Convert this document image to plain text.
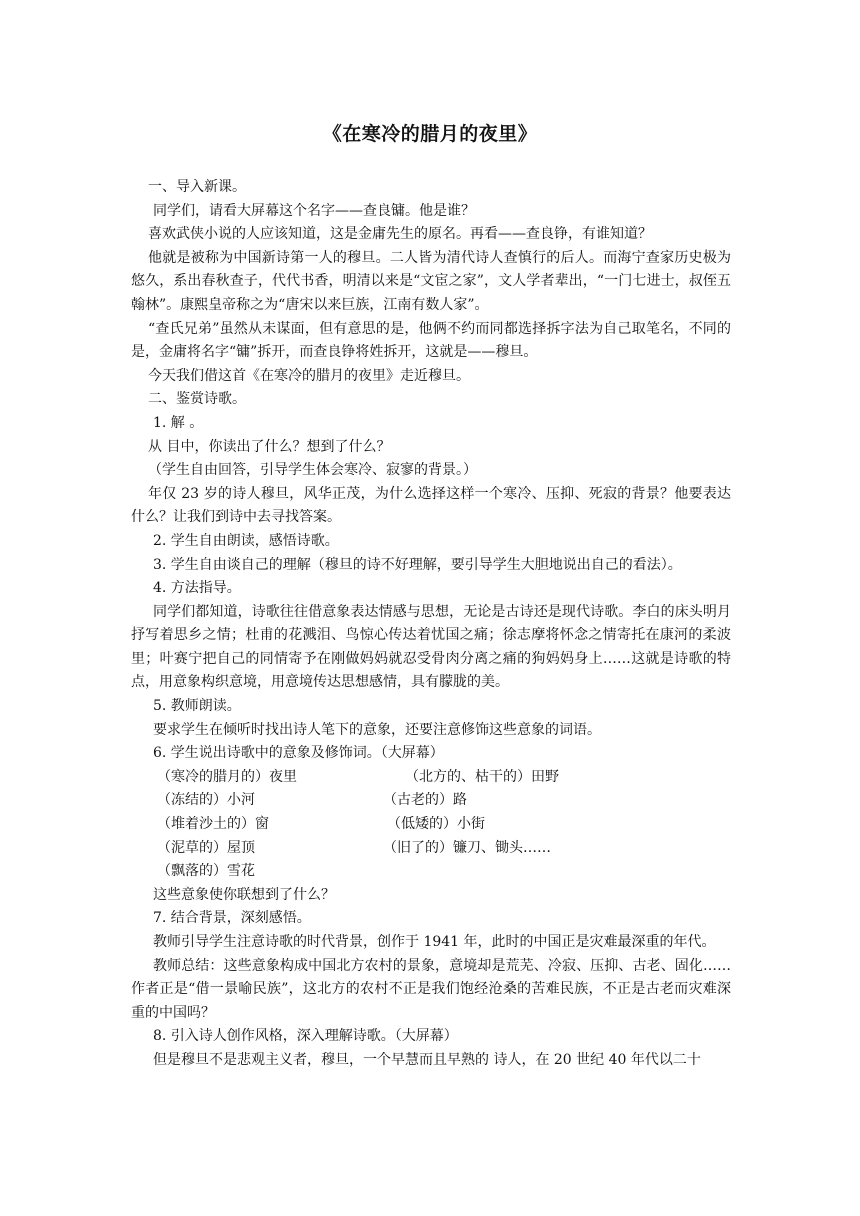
《在寒冷的腊月的夜里》

一、导入新课。

同学们，请看大屏幕这个名字——查良镛。他是谁？

喜欢武侠小说的人应该知道，这是金庸先生的原名。再看——查良铮，有谁知道？

他就是被称为中国新诗第一人的穆旦。二人皆为清代诗人查慎行的后人。而海宁查家历史极为悠久，系出春秋查子，代代书香，明清以来是“文宦之家”，文人学者辈出，“一门七进士，叔侄五翰林”。康熙皇帝称之为“唐宋以来巨族，江南有数人家”。

“查氏兄弟”虽然从未谋面，但有意思的是，他俩不约而同都选择拆字法为自己取笔名，不同的是，金庸将名字“镛”拆开，而查良铮将姓拆开，这就是——穆旦。

今天我们借这首《在寒冷的腊月的夜里》走近穆旦。

二、鉴赏诗歌。

1. 解 。

从 目中，你读出了什么？想到了什么？

（学生自由回答，引导学生体会寒冷、寂寥的背景。）

年仅 23 岁的诗人穆旦，风华正茂，为什么选择这样一个寒冷、压抑、死寂的背景？他要表达什么？让我们到诗中去寻找答案。

2. 学生自由朗读，感悟诗歌。

3. 学生自由谈自己的理解（穆旦的诗不好理解，要引导学生大胆地说出自己的看法）。

4. 方法指导。

同学们都知道，诗歌往往借意象表达情感与思想，无论是古诗还是现代诗歌。李白的床头明月抒写着思乡之情；杜甫的花溅泪、鸟惊心传达着忧国之痛；徐志摩将怀念之情寄托在康河的柔波里；叶赛宁把自己的同情寄予在刚做妈妈就忍受骨肉分离之痛的狗妈妈身上……这就是诗歌的特点，用意象构织意境，用意境传达思想感情，具有朦胧的美。

5. 教师朗读。

要求学生在倾听时找出诗人笔下的意象，还要注意修饰这些意象的词语。

6. 学生说出诗歌中的意象及修饰词。（大屏幕）

（寒冷的腊月的）夜里	（北方的、枯干的）田野
（冻结的）小河	（古老的）路
（堆着沙土的）窗	（低矮的）小街
（泥草的）屋顶	（旧了的）镰刀、锄头……
（飘落的）雪花

这些意象使你联想到了什么？

7. 结合背景，深刻感悟。

教师引导学生注意诗歌的时代背景，创作于 1941 年，此时的中国正是灾难最深重的年代。

教师总结：这些意象构成中国北方农村的景象，意境却是荒芜、冷寂、压抑、古老、固化……作者正是“借一景喻民族”，这北方的农村不正是我们饱经沧桑的苦难民族，不正是古老而灾难深重的中国吗？

8. 引入诗人创作风格，深入理解诗歌。（大屏幕）

但是穆旦不是悲观主义者，穆旦，一个早慧而且早熟的 诗人，在 20 世纪 40 年代以二十
